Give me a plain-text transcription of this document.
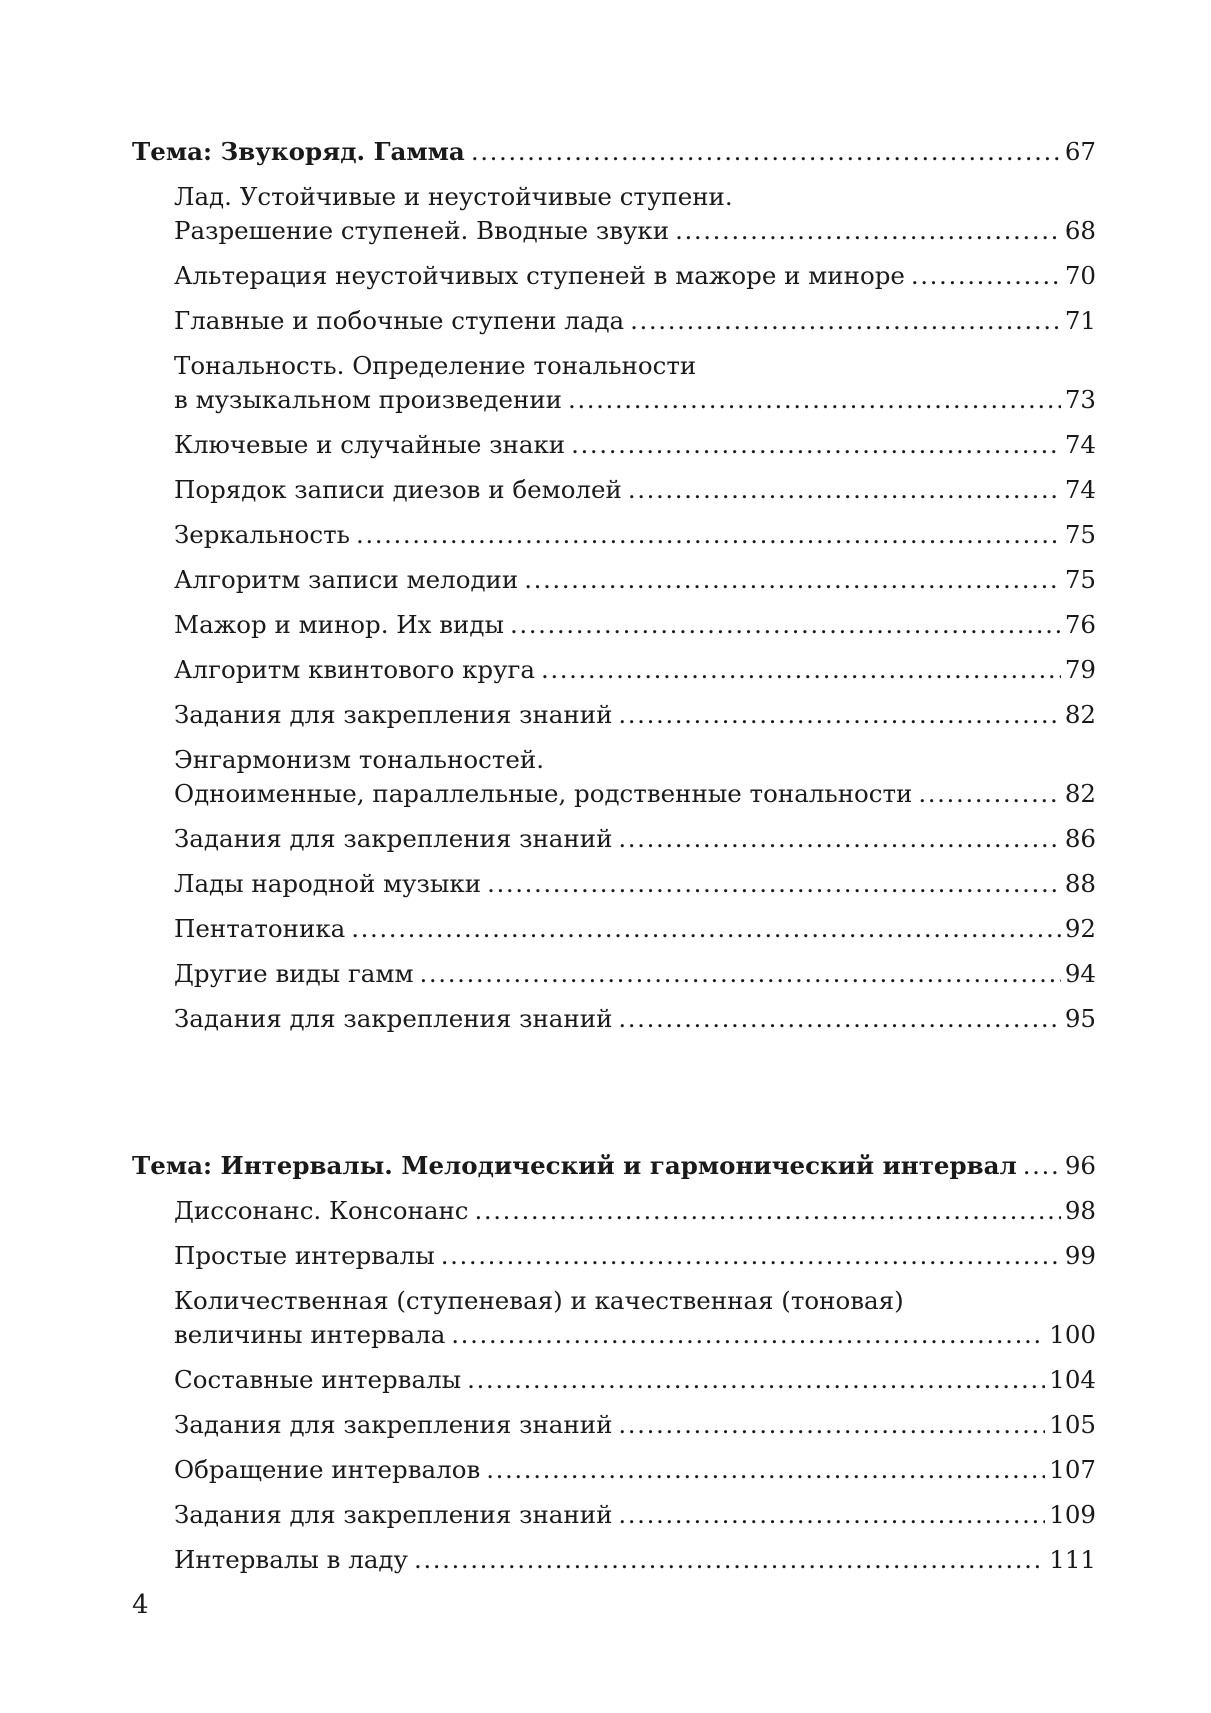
Тема: Звукоряд. Гамма .....	67
Лад. Устойчивые и неустойчивые ступени.
Разрешение ступеней. Вводные звуки .....	68
Альтерация неустойчивых ступеней в мажоре и миноре .....	70
Главные и побочные ступени лада .....	71
Тональность. Определение тональности
в музыкальном произведении .....	73
Ключевые и случайные знаки .....	74
Порядок записи диезов и бемолей .....	74
Зеркальность .....	75
Алгоритм записи мелодии .....	75
Мажор и минор. Их виды .....	76
Алгоритм квинтового круга .....	79
Задания для закрепления знаний .....	82
Энгармонизм тональностей.
Одноименные, параллельные, родственные тональности .....	82
Задания для закрепления знаний .....	86
Лады народной музыки .....	88
Пентатоника .....	92
Другие виды гамм .....	94
Задания для закрепления знаний .....	95
Тема: Интервалы. Мелодический и гармонический интервал ..... 96
Диссонанс. Консонанс .....	98
Простые интервалы .....	99
Количественная (ступеневая) и качественная (тоновая)
величины интервала .....	100
Составные интервалы .....	104
Задания для закрепления знаний .....	105
Обращение интервалов .....	107
Задания для закрепления знаний .....	109
Интервалы в ладу .....	111
4
